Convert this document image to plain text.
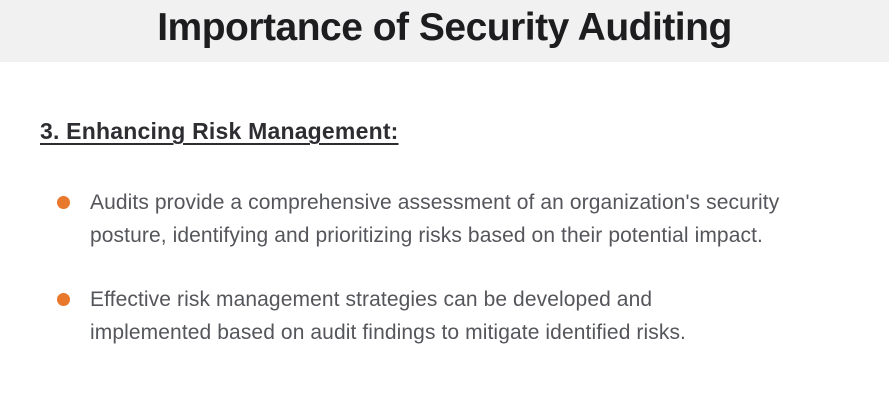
Importance of Security Auditing
3. Enhancing Risk Management:
Audits provide a comprehensive assessment of an organization's security
posture, identifying and prioritizing risks based on their potential impact.
Effective risk management strategies can be developed and
implemented based on audit findings to mitigate identified risks.
